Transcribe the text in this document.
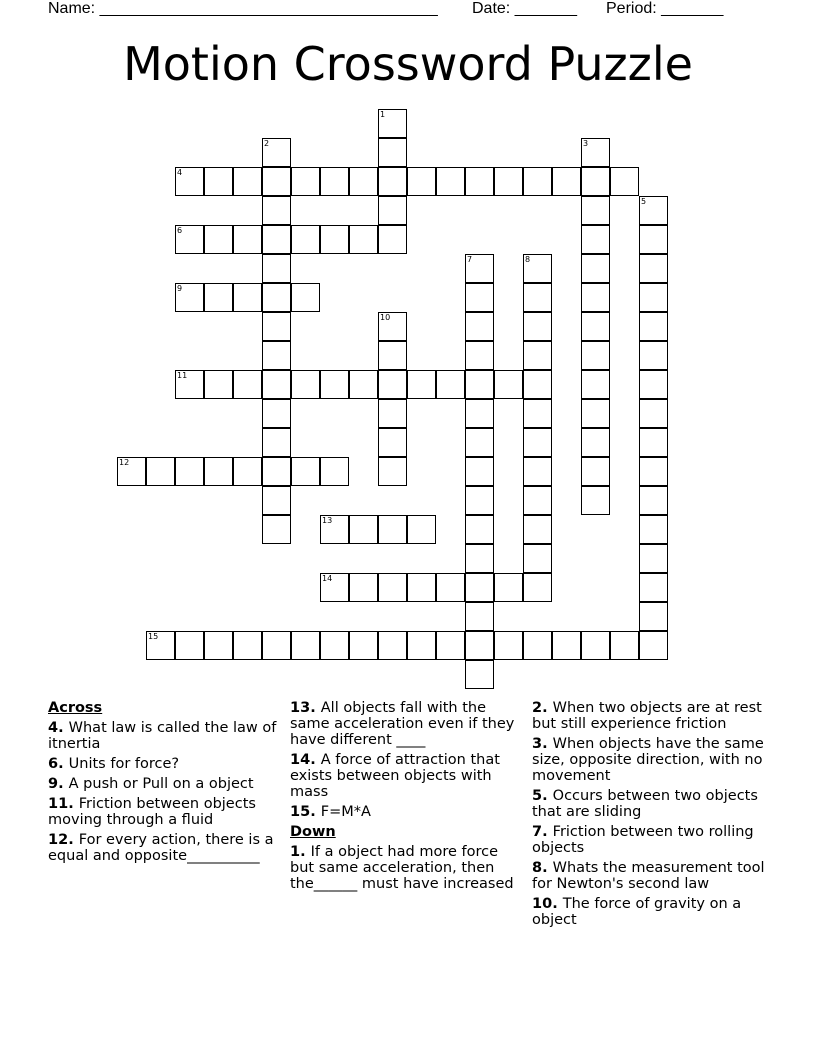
Name: ______________________________________ Date: _______ Period: _______
Motion Crossword Puzzle
4
6
9
11
12
13
14
15
1
2	3
5
7	8
10
Across
4. What law is called the law of itnertia
6. Units for force?
9. A push or Pull on a object
11. Friction between objects moving through a fluid
12. For every action, there is a equal and opposite__________
13. All objects fall with the same acceleration even if they have different ____
14. A force of attraction that exists between objects with mass
15. F=M*A
Down
1. If a object had more force but same acceleration, then the______ must have increased
2. When two objects are at rest but still experience friction
3. When objects have the same size, opposite direction, with no movement
5. Occurs between two objects that are sliding
7. Friction between two rolling objects
8. Whats the measurement tool for Newton's second law
10. The force of gravity on a object
